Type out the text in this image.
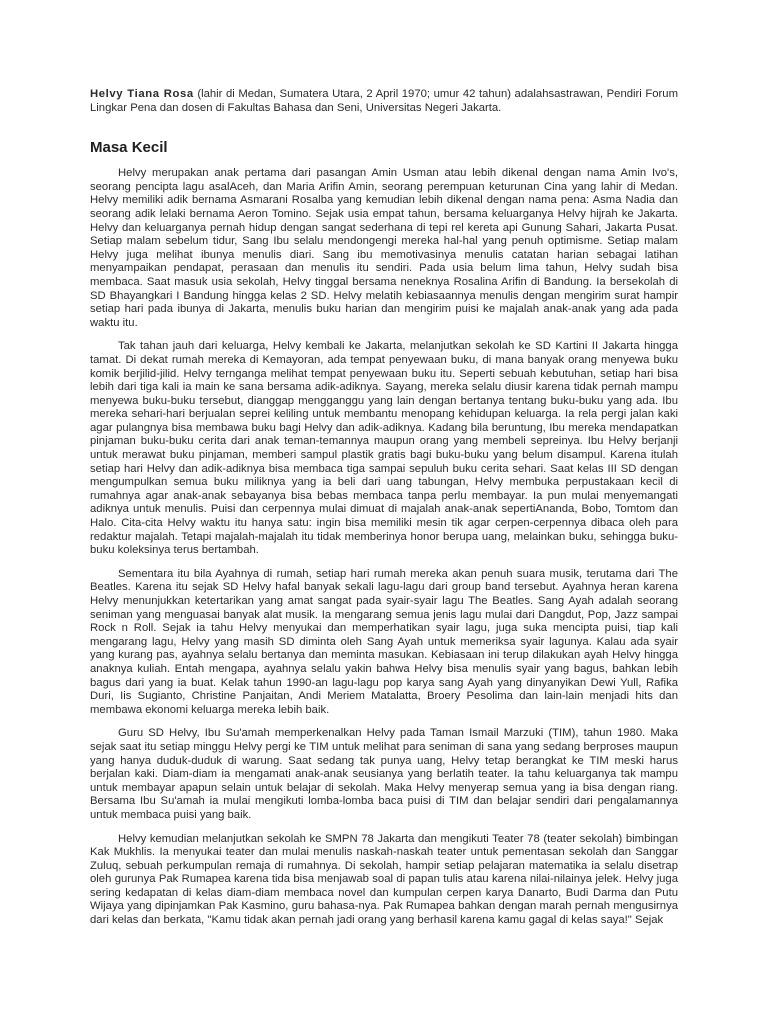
Helvy Tiana Rosa (lahir di Medan, Sumatera Utara, 2 April 1970; umur 42 tahun) adalahsastrawan, Pendiri Forum Lingkar Pena dan dosen di Fakultas Bahasa dan Seni, Universitas Negeri Jakarta.

Masa Kecil

Helvy merupakan anak pertama dari pasangan Amin Usman atau lebih dikenal dengan nama Amin Ivo's, seorang pencipta lagu asalAceh, dan Maria Arifin Amin, seorang perempuan keturunan Cina yang lahir di Medan. Helvy memiliki adik bernama Asmarani Rosalba yang kemudian lebih dikenal dengan nama pena: Asma Nadia dan seorang adik lelaki bernama Aeron Tomino. Sejak usia empat tahun, bersama keluarganya Helvy hijrah ke Jakarta. Helvy dan keluarganya pernah hidup dengan sangat sederhana di tepi rel kereta api Gunung Sahari, Jakarta Pusat. Setiap malam sebelum tidur, Sang Ibu selalu mendongengi mereka hal-hal yang penuh optimisme. Setiap malam Helvy juga melihat ibunya menulis diari. Sang ibu memotivasinya menulis catatan harian sebagai latihan menyampaikan pendapat, perasaan dan menulis itu sendiri. Pada usia belum lima tahun, Helvy sudah bisa membaca. Saat masuk usia sekolah, Helvy tinggal bersama neneknya Rosalina Arifin di Bandung. Ia bersekolah di SD Bhayangkari I Bandung hingga kelas 2 SD. Helvy melatih kebiasaannya menulis dengan mengirim surat hampir setiap hari pada ibunya di Jakarta, menulis buku harian dan mengirim puisi ke majalah anak-anak yang ada pada waktu itu.

Tak tahan jauh dari keluarga, Helvy kembali ke Jakarta, melanjutkan sekolah ke SD Kartini II Jakarta hingga tamat. Di dekat rumah mereka di Kemayoran, ada tempat penyewaan buku, di mana banyak orang menyewa buku komik berjilid-jilid. Helvy terngangа melihat tempat penyewaan buku itu. Seperti sebuah kebutuhan, setiap hari bisa lebih dari tiga kali ia main ke sana bersama adik-adiknya. Sayang, mereka selalu diusir karena tidak pernah mampu menyewa buku-buku tersebut, dianggap mengganggu yang lain dengan bertanya tentang buku-buku yang ada. Ibu mereka sehari-hari berjualan seprei keliling untuk membantu menopang kehidupan keluarga. Ia rela pergi jalan kaki agar pulangnya bisa membawa buku bagi Helvy dan adik-adiknya. Kadang bila beruntung, Ibu mereka mendapatkan pinjaman buku-buku cerita dari anak teman-temannya maupun orang yang membeli sepreinya. Ibu Helvy berjanji untuk merawat buku pinjaman, memberi sampul plastik gratis bagi buku-buku yang belum disampul. Karena itulah setiap hari Helvy dan adik-adiknya bisa membaca tiga sampai sepuluh buku cerita sehari. Saat kelas III SD dengan mengumpulkan semua buku miliknya yang ia beli dari uang tabungan, Helvy membuka perpustakaan kecil di rumahnya agar anak-anak sebayanya bisa bebas membaca tanpa perlu membayar. Ia pun mulai menyemangati adiknya untuk menulis. Puisi dan cerpennya mulai dimuat di majalah anak-anak sepertiAnanda, Bobo, Tomtom dan Halo. Cita-cita Helvy waktu itu hanya satu: ingin bisa memiliki mesin tik agar cerpen-cerpennya dibaca oleh para redaktur majalah. Tetapi majalah-majalah itu tidak memberinya honor berupa uang, melainkan buku, sehingga buku-buku koleksinya terus bertambah.

Sementara itu bila Ayahnya di rumah, setiap hari rumah mereka akan penuh suara musik, terutama dari The Beatles. Karena itu sejak SD Helvy hafal banyak sekali lagu-lagu dari group band tersebut. Ayahnya heran karena Helvy menunjukkan ketertarikan yang amat sangat pada syair-syair lagu The Beatles. Sang Ayah adalah seorang seniman yang menguasai banyak alat musik. Ia mengarang semua jenis lagu mulai dari Dangdut, Pop, Jazz sampai Rock n Roll. Sejak ia tahu Helvy menyukai dan memperhatikan syair lagu, juga suka mencipta puisi, tiap kali mengarang lagu, Helvy yang masih SD diminta oleh Sang Ayah untuk memeriksa syair lagunya. Kalau ada syair yang kurang pas, ayahnya selalu bertanya dan meminta masukan. Kebiasaan ini terup dilakukan ayah Helvy hingga anaknya kuliah. Entah mengapa, ayahnya selalu yakin bahwa Helvy bisa menulis syair yang bagus, bahkan lebih bagus dari yang ia buat. Kelak tahun 1990-an lagu-lagu pop karya sang Ayah yang dinyanyikan Dewi Yull, Rafika Duri, Iis Sugianto, Christine Panjaitan, Andi Meriem Matalatta, Broery Pesolima dan lain-lain menjadi hits dan membawa ekonomi keluarga mereka lebih baik.

Guru SD Helvy, Ibu Su'amah memperkenalkan Helvy pada Taman Ismail Marzuki (TIM), tahun 1980. Maka sejak saat itu setiap minggu Helvy pergi ke TIM untuk melihat para seniman di sana yang sedang berproses maupun yang hanya duduk-duduk di warung. Saat sedang tak punya uang, Helvy tetap berangkat ke TIM meski harus berjalan kaki. Diam-diam ia mengamati anak-anak seusianya yang berlatih teater. Ia tahu keluarganya tak mampu untuk membayar apapun selain untuk belajar di sekolah. Maka Helvy menyerap semua yang ia bisa dengan riang. Bersama Ibu Su'amah ia mulai mengikuti lomba-lomba baca puisi di TIM dan belajar sendiri dari pengalamannya untuk membaca puisi yang baik.

Helvy kemudian melanjutkan sekolah ke SMPN 78 Jakarta dan mengikuti Teater 78 (teater sekolah) bimbingan Kak Mukhlis. Ia menyukai teater dan mulai menulis naskah-naskah teater untuk pementasan sekolah dan Sanggar Zuluq, sebuah perkumpulan remaja di rumahnya. Di sekolah, hampir setiap pelajaran matematika ia selalu disetrap oleh gurunya Pak Rumapea karena tida bisa menjawab soal di papan tulis atau karena nilai-nilainya jelek. Helvy juga sering kedapatan di kelas diam-diam membaca novel dan kumpulan cerpen karya Danarto, Budi Darma dan Putu Wijaya yang dipinjamkan Pak Kasmino, guru bahasa-nya. Pak Rumapea bahkan dengan marah pernah mengusirnya dari kelas dan berkata, "Kamu tidak akan pernah jadi orang yang berhasil karena kamu gagal di kelas saya!" Sejak
